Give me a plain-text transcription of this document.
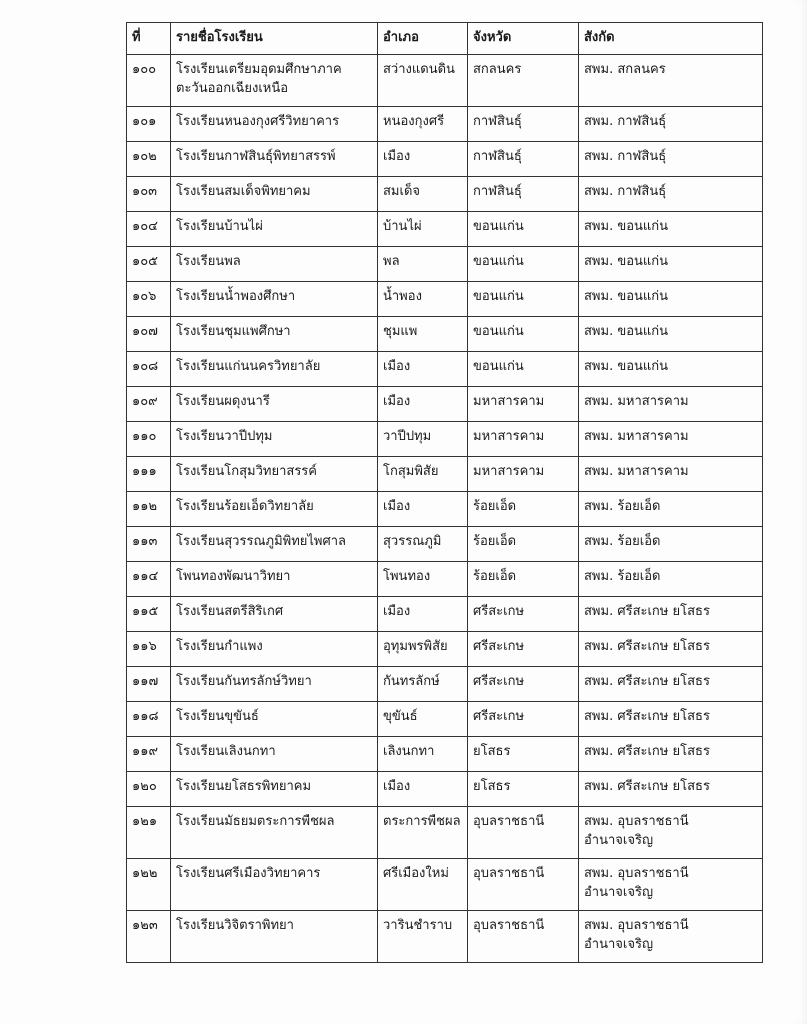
ที่	รายชื่อโรงเรียน	อำเภอ	จังหวัด	สังกัด
๑๐๐	โรงเรียนเตรียมอุดมศึกษาภาค
ตะวันออกเฉียงเหนือ	สว่างแดนดิน	สกลนคร	สพม. สกลนคร
๑๐๑	โรงเรียนหนองกุงศรีวิทยาคาร	หนองกุงศรี	กาฬสินธุ์	สพม. กาฬสินธุ์
๑๐๒	โรงเรียนกาฬสินธุ์พิทยาสรรพ์	เมือง	กาฬสินธุ์	สพม. กาฬสินธุ์
๑๐๓	โรงเรียนสมเด็จพิทยาคม	สมเด็จ	กาฬสินธุ์	สพม. กาฬสินธุ์
๑๐๔	โรงเรียนบ้านไผ่	บ้านไผ่	ขอนแก่น	สพม. ขอนแก่น
๑๐๕	โรงเรียนพล	พล	ขอนแก่น	สพม. ขอนแก่น
๑๐๖	โรงเรียนน้ำพองศึกษา	น้ำพอง	ขอนแก่น	สพม. ขอนแก่น
๑๐๗	โรงเรียนชุมแพศึกษา	ชุมแพ	ขอนแก่น	สพม. ขอนแก่น
๑๐๘	โรงเรียนแก่นนครวิทยาลัย	เมือง	ขอนแก่น	สพม. ขอนแก่น
๑๐๙	โรงเรียนผดุงนารี	เมือง	มหาสารคาม	สพม. มหาสารคาม
๑๑๐	โรงเรียนวาปีปทุม	วาปีปทุม	มหาสารคาม	สพม. มหาสารคาม
๑๑๑	โรงเรียนโกสุมวิทยาสรรค์	โกสุมพิสัย	มหาสารคาม	สพม. มหาสารคาม
๑๑๒	โรงเรียนร้อยเอ็ดวิทยาลัย	เมือง	ร้อยเอ็ด	สพม. ร้อยเอ็ด
๑๑๓	โรงเรียนสุวรรณภูมิพิทยไพศาล	สุวรรณภูมิ	ร้อยเอ็ด	สพม. ร้อยเอ็ด
๑๑๔	โพนทองพัฒนาวิทยา	โพนทอง	ร้อยเอ็ด	สพม. ร้อยเอ็ด
๑๑๕	โรงเรียนสตรีสิริเกศ	เมือง	ศรีสะเกษ	สพม. ศรีสะเกษ ยโสธร
๑๑๖	โรงเรียนกำแพง	อุทุมพรพิสัย	ศรีสะเกษ	สพม. ศรีสะเกษ ยโสธร
๑๑๗	โรงเรียนกันทรลักษ์วิทยา	กันทรลักษ์	ศรีสะเกษ	สพม. ศรีสะเกษ ยโสธร
๑๑๘	โรงเรียนขุขันธ์	ขุขันธ์	ศรีสะเกษ	สพม. ศรีสะเกษ ยโสธร
๑๑๙	โรงเรียนเลิงนกทา	เลิงนกทา	ยโสธร	สพม. ศรีสะเกษ ยโสธร
๑๒๐	โรงเรียนยโสธรพิทยาคม	เมือง	ยโสธร	สพม. ศรีสะเกษ ยโสธร
๑๒๑	โรงเรียนมัธยมตระการพืชผล	ตระการพืชผล	อุบลราชธานี	สพม. อุบลราชธานี
อำนาจเจริญ

๑๒๒	โรงเรียนศรีเมืองวิทยาคาร	ศรีเมืองใหม่	อุบลราชธานี	สพม. อุบลราชธานี
อำนาจเจริญ

๑๒๓	โรงเรียนวิจิตราพิทยา	วารินชำราบ	อุบลราชธานี	สพม. อุบลราชธานี
อำนาจเจริญ
